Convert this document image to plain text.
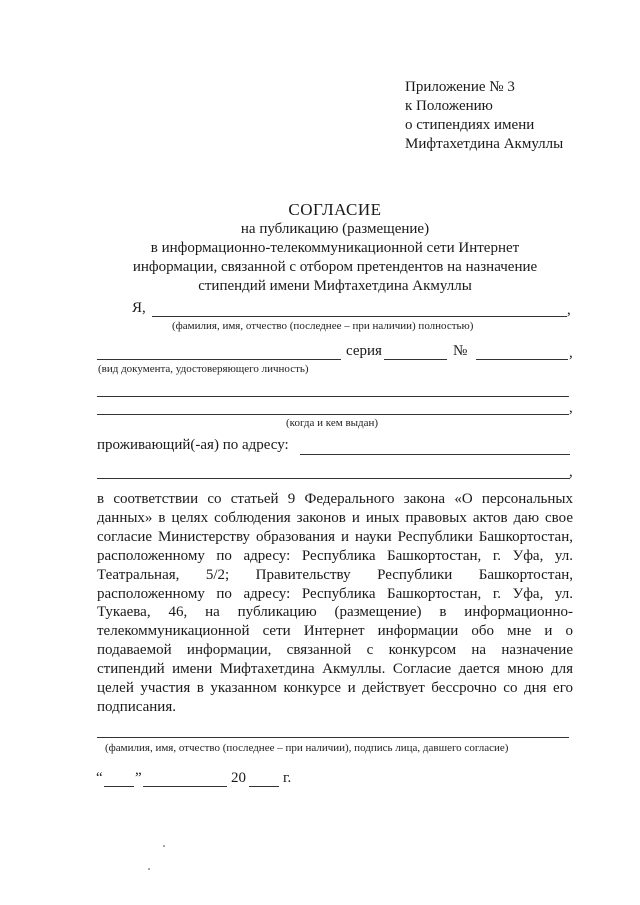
Приложение № 3
к Положению
о стипендиях имени
Мифтахетдина Акмуллы
СОГЛАСИЕ
на публикацию (размещение)
в информационно-телекоммуникационной сети Интернет
информации, связанной с отбором претендентов на назначение
стипендий имени Мифтахетдина Акмуллы
Я,	,
(фамилия, имя, отчество (последнее – при наличии) полностью)
серия	№	,
(вид документа, удостоверяющего личность)
,
(когда и кем выдан)
проживающий(-ая) по адресу:
,
в соответствии со статьей 9 Федерального закона «О персональных данных» в целях соблюдения законов и иных правовых актов даю свое согласие Министерству образования и науки Республики Башкортостан, расположенному по адресу: Республика Башкортостан, г. Уфа, ул. Театральная, 5/2; Правительству Республики Башкортостан, расположенному по адресу: Республика Башкортостан, г. Уфа, ул. Тукаева, 46, на публикацию (размещение) в информационно-телекоммуникационной сети Интернет информации обо мне и о подаваемой информации, связанной с конкурсом на назначение стипендий имени Мифтахетдина Акмуллы. Согласие дается мною для целей участия в указанном конкурсе и действует бессрочно со дня его подписания.
(фамилия, имя, отчество (последнее – при наличии), подпись лица, давшего согласие)
“ ”	20 г.
